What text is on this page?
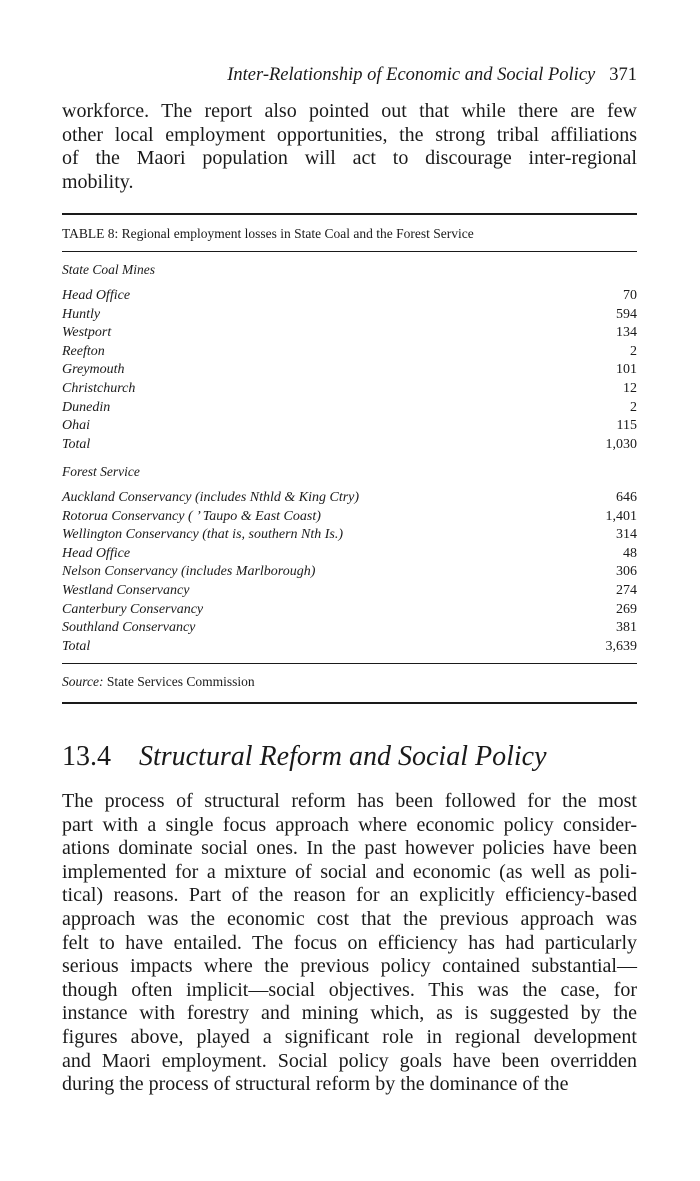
Inter-Relationship of Economic and Social Policy 371

workforce. The report also pointed out that while there are few
other local employment opportunities, the strong tribal affiliations
of the Maori population will act to discourage inter-regional
mobility.

TABLE 8: Regional employment losses in State Coal and the Forest Service
State Coal Mines
Head Office	70
Huntly	594
Westport	134
Reefton	2
Greymouth	101
Christchurch	12
Dunedin	2
Ohai	115
Total	1,030
Forest Service
Auckland Conservancy (includes Nthld & King Ctry)	646
Rotorua Conservancy ( ’ Taupo & East Coast)	1,401
Wellington Conservancy (that is, southern Nth Is.)	314
Head Office	48
Nelson Conservancy (includes Marlborough)	306
Westland Conservancy	274
Canterbury Conservancy	269
Southland Conservancy	381
Total	3,639
Source: State Services Commission
13.4 Structural Reform and Social Policy

The process of structural reform has been followed for the most
part with a single focus approach where economic policy consider-
ations dominate social ones. In the past however policies have been
implemented for a mixture of social and economic (as well as poli-
tical) reasons. Part of the reason for an explicitly efficiency-based
approach was the economic cost that the previous approach was
felt to have entailed. The focus on efficiency has had particularly
serious impacts where the previous policy contained substantial—
though often implicit—social objectives. This was the case, for
instance with forestry and mining which, as is suggested by the
figures above, played a significant role in regional development
and Maori employment. Social policy goals have been overridden
during the process of structural reform by the dominance of the
